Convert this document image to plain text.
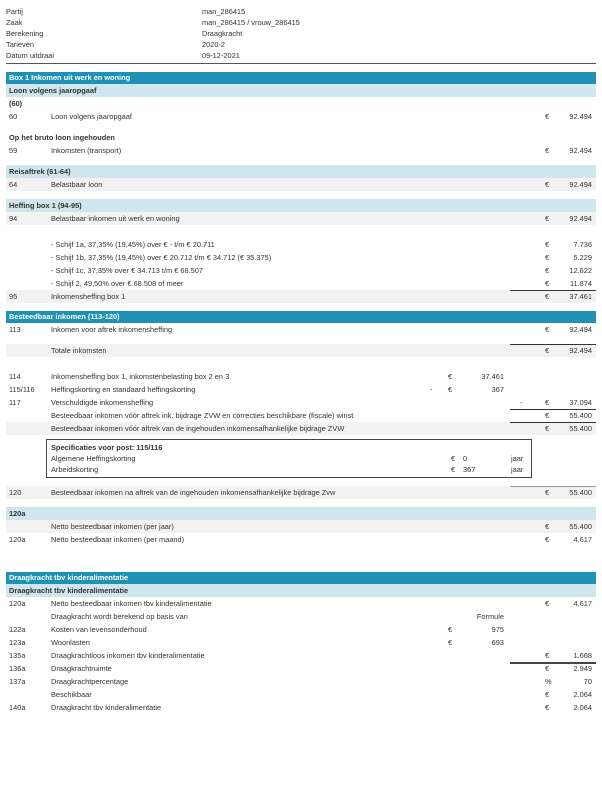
Partij	man_286415
Zaak	man_286415 / vrouw_286415
Berekening	Draagkracht
Tarieven	2020-2
Datum uitdraai	09-12-2021
Box 1 Inkomen uit werk en woning
Loon volgens jaaropgaaf
(60)
60	Loon volgens jaaropgaaf	€	92.494
Op het bruto loon ingehouden
59	Inkomsten (transport)	€	92.494
Reisaftrek (61-64)
64	Belastbaar loon	€	92.494
Heffing box 1 (94-95)
94	Belastbaar inkomen uit werk en woning	€	92.494
- Schijf 1a, 37,35% (19,45%) over € - t/m € 20.711	€	7.736
- Schijf 1b, 37,35% (19,45%) over € 20.712 t/m € 34.712 (€ 35.375)	€	5.229
- Schijf 1c, 37,35% over € 34.713 t/m € 68.507	€	12.622
- Schijf 2, 49,50% over € 68.508 of meer	€	11.874
95	Inkomensheffing box 1	€	37.461
Besteedbaar inkomen (113-120)
113	Inkomen voor aftrek inkomensheffing	€	92.494
Totale inkomsten	€	92.494
114	Inkomensheffing box 1, inkomstenbelasting box 2 en 3	€	37.461
115/116 Heffingskorting en standaard heffingskorting	- €	367
117	Verschuldigde inkomensheffing	-	€	37.094
Besteedbaar inkomen vóór aftrek ink. bijdrage ZVW en correcties beschikbare (fiscale) winst	€	55.400
Besteedbaar inkomen vóór aftrek van de ingehouden inkomensafhankelijke bijdrage ZVW	€	55.400
Specificaties voor post: 115/116
Algemene Heffingskorting	€ 0	jaar
Arbeidskorting	€ 367	jaar
120	Besteedbaar inkomen na aftrek van de ingehouden inkomensafhankelijke bijdrage Zvw	€	55.400
120a
Netto besteedbaar inkomen (per jaar)	€	55.400
120a	Netto besteedbaar inkomen (per maand)	€	4.617
Draagkracht tbv kinderalimentatie
Draagkracht tbv kinderalimentatie
120a	Netto besteedbaar inkomen tbv kinderalimentatie	€	4.617
Draagkracht wordt berekend op basis van	Formule
122a	Kosten van levensonderhoud	€	975
123a	Woonlasten	€	693
135a	Draagkrachtloos inkomen tbv kinderalimentatie	€	1.668
136a	Draagkrachtruimte	€	2.949
137a	Draagkrachtpercentage	%	70
Beschikbaar	€	2.064
140a	Draagkracht tbv kinderalimentatie	€	2.064
